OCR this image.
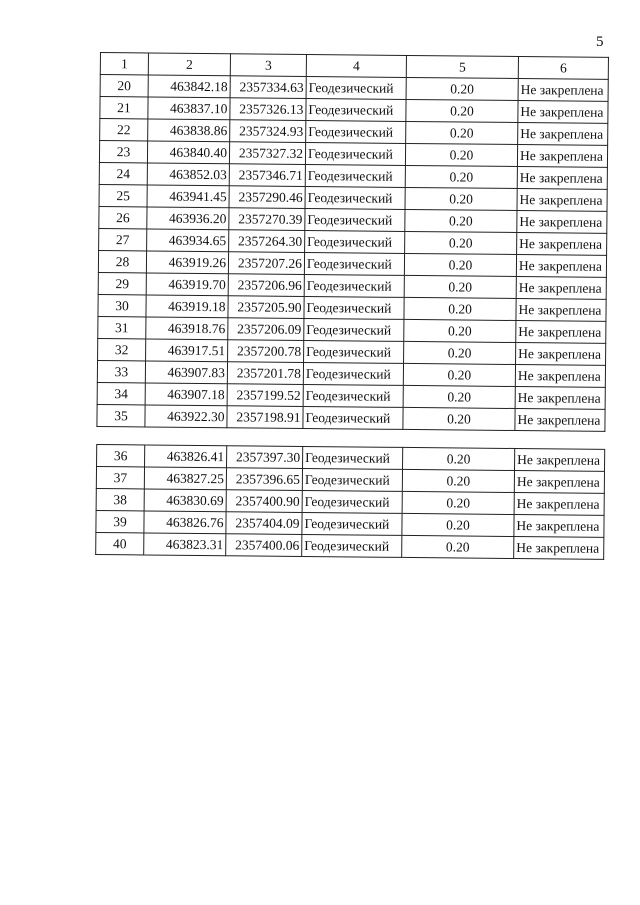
5
1	2	3	4	5	6
20	463842.18	2357334.63	Геодезический	0.20	Не закреплена
21	463837.10	2357326.13	Геодезический	0.20	Не закреплена
22	463838.86	2357324.93	Геодезический	0.20	Не закреплена
23	463840.40	2357327.32	Геодезический	0.20	Не закреплена
24	463852.03	2357346.71	Геодезический	0.20	Не закреплена
25	463941.45	2357290.46	Геодезический	0.20	Не закреплена
26	463936.20	2357270.39	Геодезический	0.20	Не закреплена
27	463934.65	2357264.30	Геодезический	0.20	Не закреплена
28	463919.26	2357207.26	Геодезический	0.20	Не закреплена
29	463919.70	2357206.96	Геодезический	0.20	Не закреплена
30	463919.18	2357205.90	Геодезический	0.20	Не закреплена
31	463918.76	2357206.09	Геодезический	0.20	Не закреплена
32	463917.51	2357200.78	Геодезический	0.20	Не закреплена
33	463907.83	2357201.78	Геодезический	0.20	Не закреплена
34	463907.18	2357199.52	Геодезический	0.20	Не закреплена
35	463922.30	2357198.91	Геодезический	0.20	Не закреплена

36	463826.41	2357397.30	Геодезический	0.20	Не закреплена
37	463827.25	2357396.65	Геодезический	0.20	Не закреплена
38	463830.69	2357400.90	Геодезический	0.20	Не закреплена
39	463826.76	2357404.09	Геодезический	0.20	Не закреплена
40	463823.31	2357400.06	Геодезический	0.20	Не закреплена
